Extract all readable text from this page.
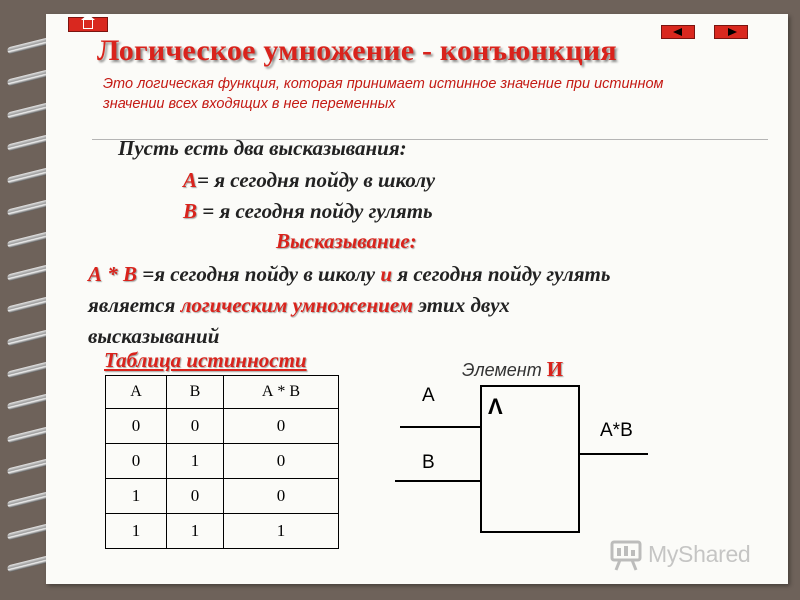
Логическое умножение - конъюнкция
Это логическая функция, которая принимает истинное значение при истинном значении всех входящих в нее переменных
Пусть есть два высказывания:
А= я сегодня пойду в школу
В = я сегодня пойду гулять
Высказывание:
А * В =я сегодня пойду в школу и я сегодня пойду гулять
является логическим умножением этих двух
высказываний
Таблица истинности
А	В	А * В
0	0	0
0	1	0
1	0	0
1	1	1
Элемент И
А
В
А*В
Λ
MyShared
